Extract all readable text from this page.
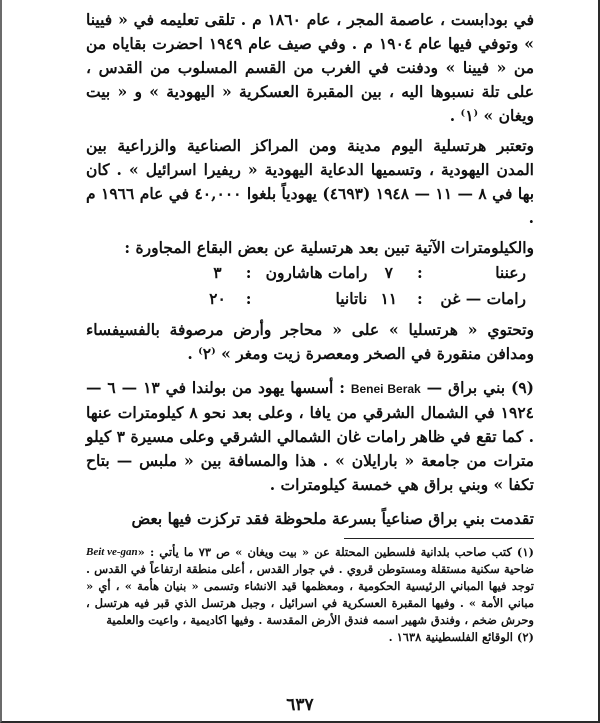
في بودابست ، عاصمة المجر ، عام ١٨٦٠ م . تلقى تعليمه في « فيينا » وتوفي فيها عام ١٩٠٤ م . وفي صيف عام ١٩٤٩ احضرت بقاياه من من « فيينا » ودفنت في الغرب من القسم المسلوب من القدس ، على تلة نسبوها اليه ، بين المقبرة العسكرية « اليهودية » و « بيت ويغان » ⁽١⁾ .

وتعتبر هرتسلية اليوم مدينة ومن المراكز الصناعية والزراعية بين المدن اليهودية ، وتسميها الدعاية اليهودية « ريفيرا اسرائيل » . كان بها في ٨ — ١١ — ١٩٤٨ (٤٦٩٣) يهودياً بلغوا ٤٠,٠٠٠ في عام ١٩٦٦ م .

والكيلومترات الآتية تبين بعد هرتسلية عن بعض البقاع المجاورة :

رعننا	:	٧	رامات هاشارون	:	٣
رامات — غن	:	١١	ناتانيا	:	٢٠

وتحتوي « هرتسليا » على « محاجر وأرض مرصوفة بالفسيفساء ومدافن منقورة في الصخر ومعصرة زيت ومغر » ⁽٢⁾ .

(٩) بني براق — Benei Berak : أسسها يهود من بولندا في ١٣ — ٦ — ١٩٢٤ في الشمال الشرقي من يافا ، وعلى بعد نحو ٨ كيلومترات عنها . كما تقع في ظاهر رامات غان الشمالي الشرقي وعلى مسيرة ٣ كيلو مترات من جامعة « بارايلان » . هذا والمسافة بين « ملبس — بتاح تكفا » وبني براق هي خمسة كيلومترات .

تقدمت بني براق صناعياً بسرعة ملحوظة فقد تركزت فيها بعض

Beit ve-gan (١) كتب صاحب بلدانية فلسطين المحتلة عن « بيت ويغان » ص ٧٣ ما يأتي : « ضاحية سكنية مستقلة ومستوطن قروي . في جوار القدس ، أعلى منطقة ارتفاعاً في القدس . توجد فيها المباني الرئيسية الحكومية ، ومعظمها قيد الانشاء وتسمى « بنيان هأمة » ، أي « مباني الأمة » . وفيها المقبرة العسكرية في اسرائيل ، وجبل هرتسل الذي قبر فيه هرتسل ، وحرش ضخم ، وفندق شهير اسمه فندق الأرض المقدسة . وفيها اكاديمية ، واعيت والعلمية

(٢) الوقائع الفلسطينية ١٦٣٨ .

٦٣٧
